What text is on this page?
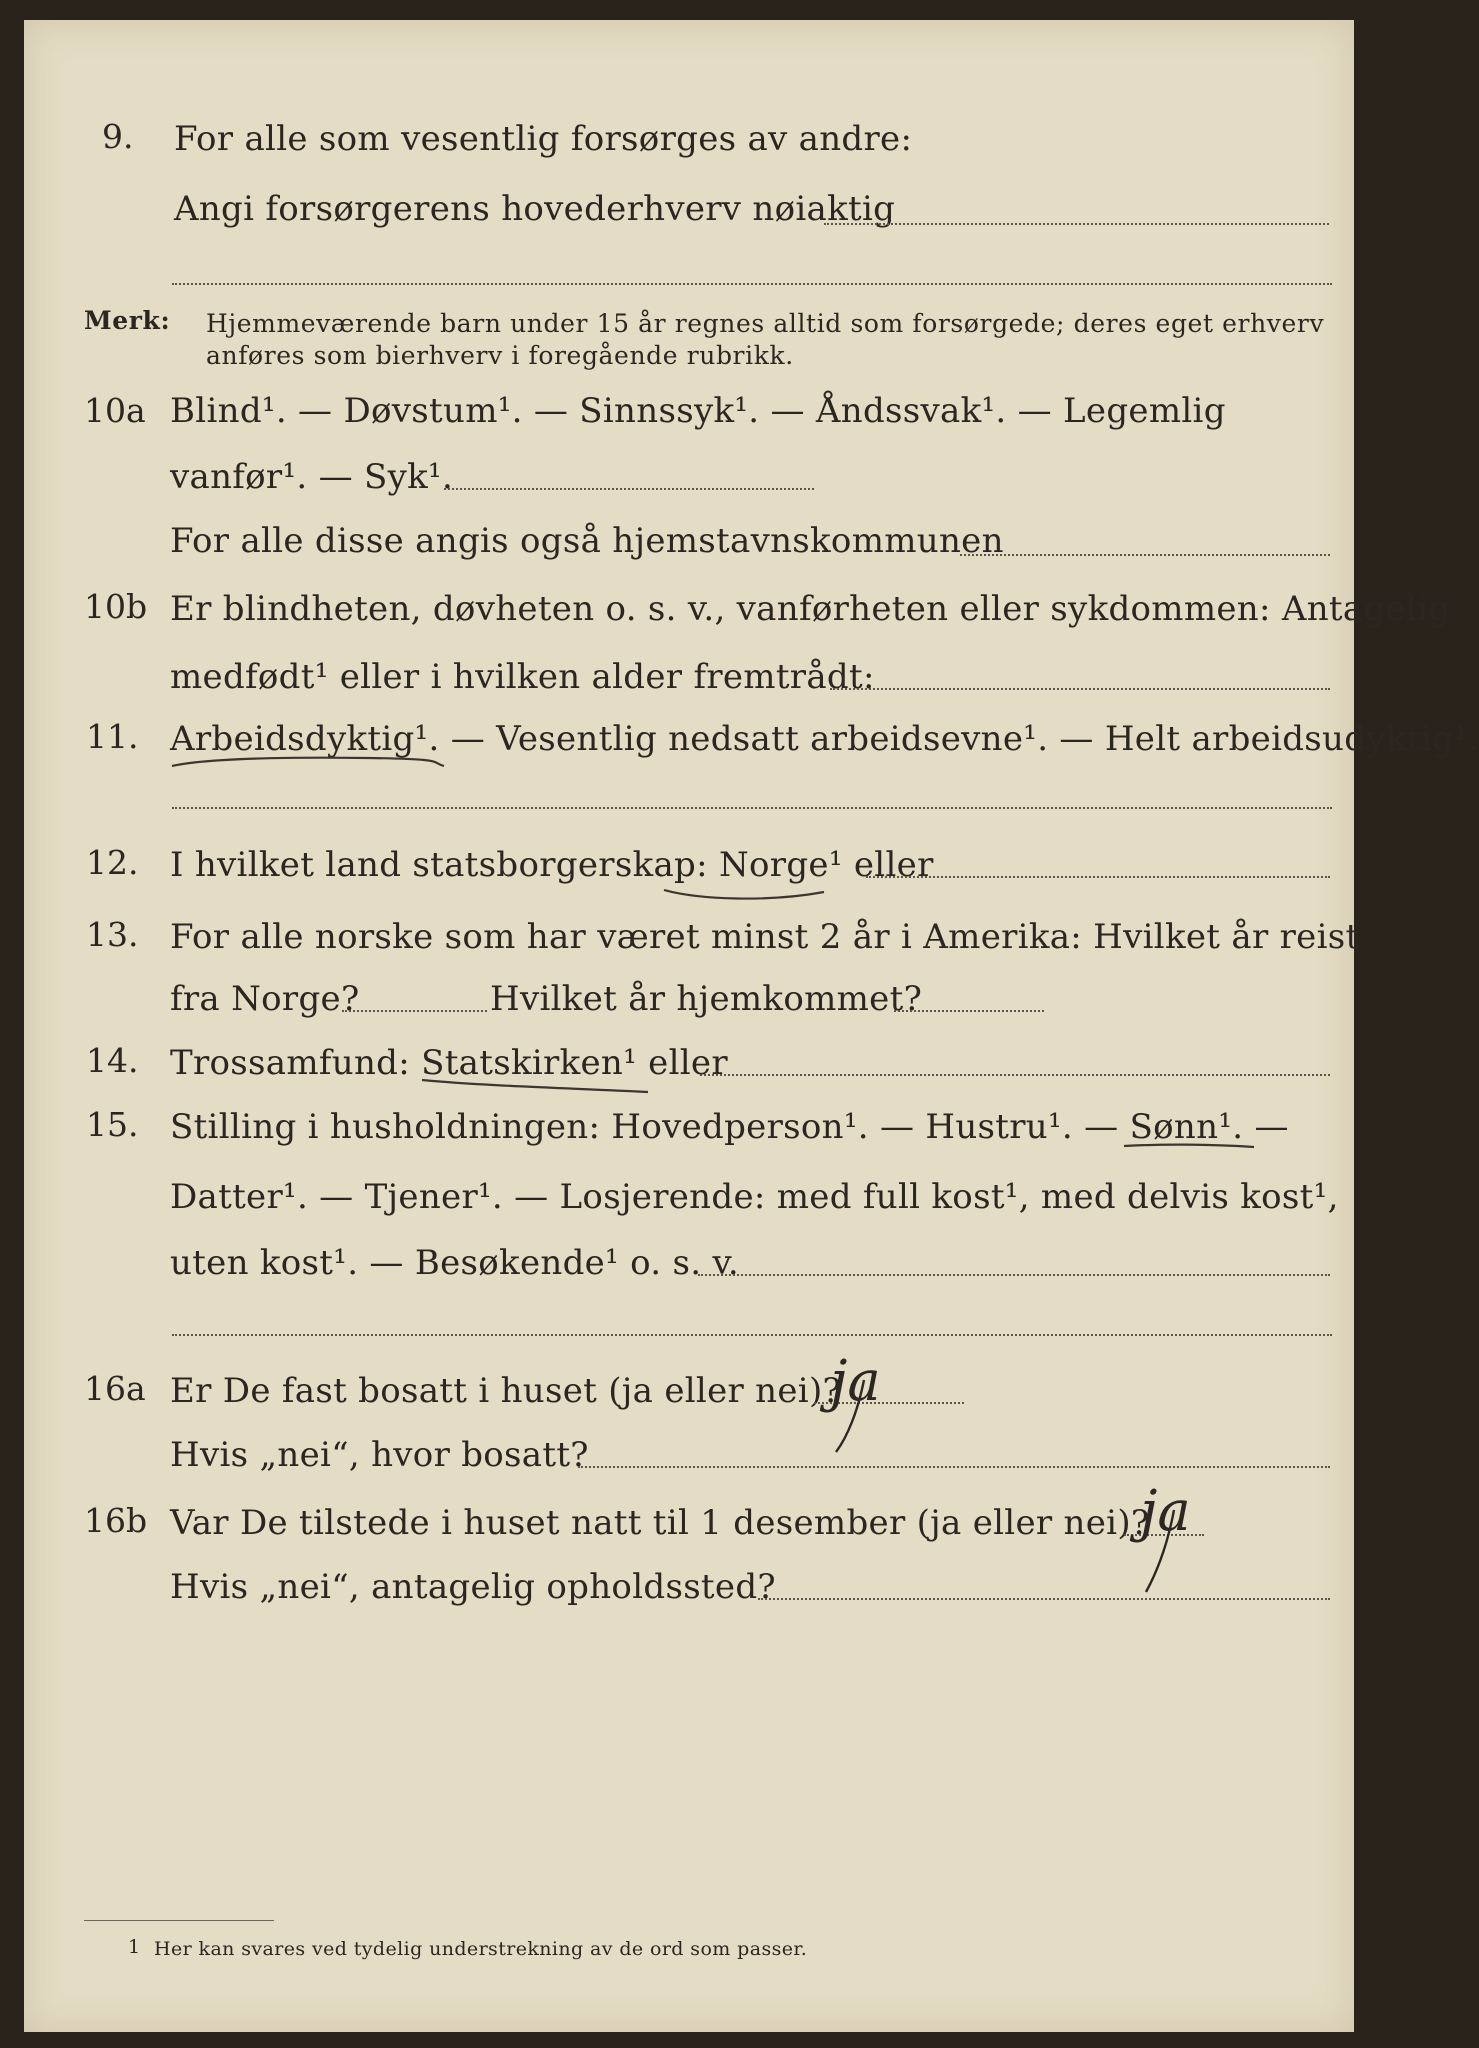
9. For alle som vesentlig forsørges av andre:
Angi forsørgerens hovederhverv nøiaktig
Merk: Hjemmeværende barn under 15 år regnes alltid som forsørgede; deres eget erhverv
anføres som bierhverv i foregående rubrikk.
10a Blind¹. — Døvstum¹. — Sinnssyk¹. — Åndssvak¹. — Legemlig
vanfør¹. — Syk¹.
For alle disse angis også hjemstavnskommunen
10b Er blindheten, døvheten o. s. v., vanførheten eller sykdommen: Antagelig
medfødt¹ eller i hvilken alder fremtrådt:
11. Arbeidsdyktig¹. — Vesentlig nedsatt arbeidsevne¹. — Helt arbeidsudyktig¹.
12. I hvilket land statsborgerskap: Norge¹ eller
13. For alle norske som har været minst 2 år i Amerika: Hvilket år reist
fra Norge?	Hvilket år hjemkommet?
14. Trossamfund: Statskirken¹ eller
15. Stilling i husholdningen: Hovedperson¹. — Hustru¹. — Sønn¹. —
Datter¹. — Tjener¹. — Losjerende: med full kost¹, med delvis kost¹,
uten kost¹. — Besøkende¹ o. s. v.
16a Er De fast bosatt i huset (ja eller nei)?
ja
Hvis „nei“, hvor bosatt?
16b Var De tilstede i huset natt til 1 desember (ja eller nei)?
ja
Hvis „nei“, antagelig opholdssted?
1 Her kan svares ved tydelig understrekning av de ord som passer.
